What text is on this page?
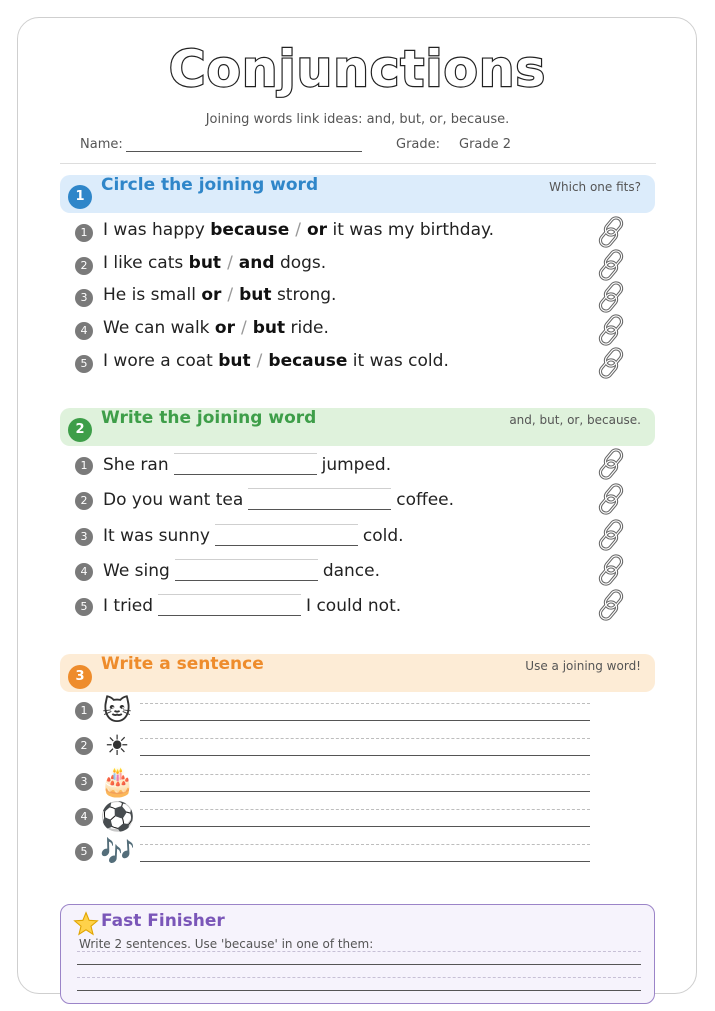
Conjunctions
Joining words link ideas: and, but, or, because.
Name:	Grade: Grade 2
1
Circle the joining word	Which one fits?
1 I was happy because / or it was my birthday.
2 I like cats but / and dogs.
3 He is small or / but strong.
4 We can walk or / but ride.
5 I wore a coat but / because it was cold.
2
Write the joining word	and, but, or, because.
1 She ran	jumped.
2 Do you want tea	coffee.
3 It was sunny	cold.
4 We sing	dance.
5 I tried	I could not.
3
Write a sentence	Use a joining word!
1 🐱
2 ☀
3 🎂
4 ⚽
5 🎶
Fast Finisher
Write 2 sentences. Use 'because' in one of them:
